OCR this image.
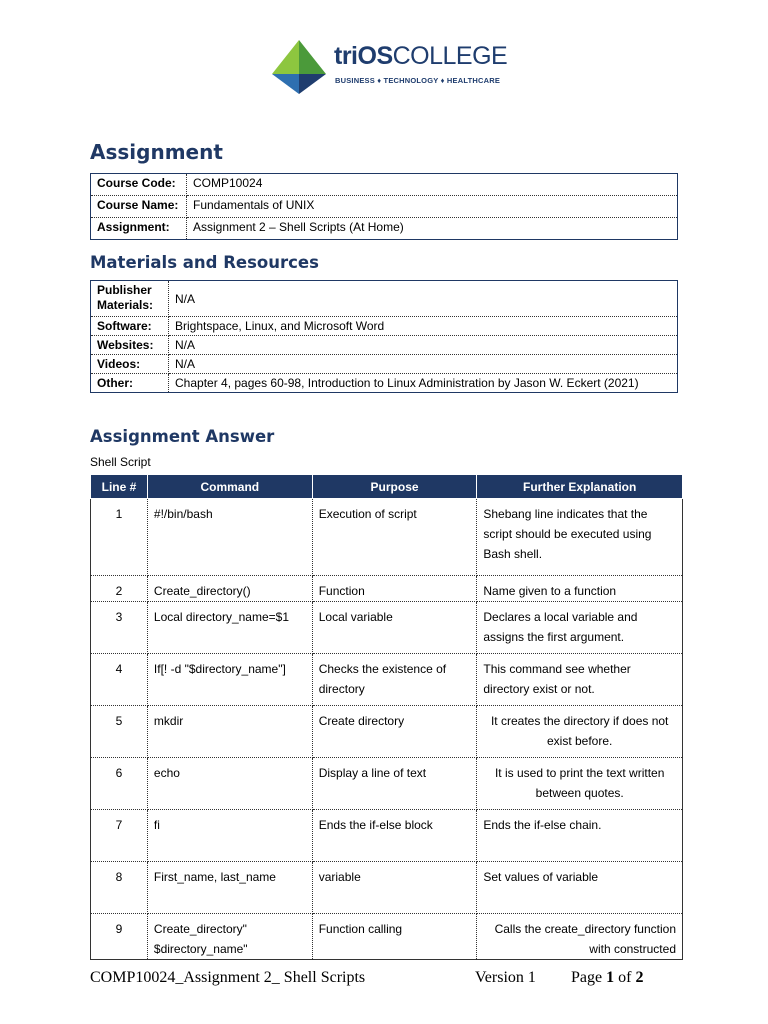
triOSCOLLEGE
BUSINESS ♦ TECHNOLOGY ♦ HEALTHCARE
Assignment
Course Code:	COMP10024
Course Name:	Fundamentals of UNIX
Assignment:	Assignment 2 – Shell Scripts (At Home)
Materials and Resources
Publisher Materials:	N/A
Software:	Brightspace, Linux, and Microsoft Word
Websites:	N/A
Videos:	N/A
Other:	Chapter 4, pages 60-98, Introduction to Linux Administration by Jason W. Eckert (2021)
Assignment Answer
Shell Script
Line #	Command	Purpose	Further Explanation
1	#!/bin/bash	Execution of script	Shebang line indicates that the script should be executed using Bash shell.
2	Create_directory()	Function	Name given to a function
3	Local directory_name=$1	Local variable	Declares a local variable and assigns the first argument.
4	If[! -d "$directory_name"]	Checks the existence of directory	This command see whether directory exist or not.
5	mkdir	Create directory	It creates the directory if does not exist before.
6	echo	Display a line of text	It is used to print the text written between quotes.
7	fi	Ends the if-else block	Ends the if-else chain.
8	First_name, last_name	variable	Set values of variable
9	Create_directory" $directory_name"	Function calling	Calls the create_directory function with constructed
COMP10024_Assignment 2_ Shell Scripts	Version 1 Page 1 of 2
